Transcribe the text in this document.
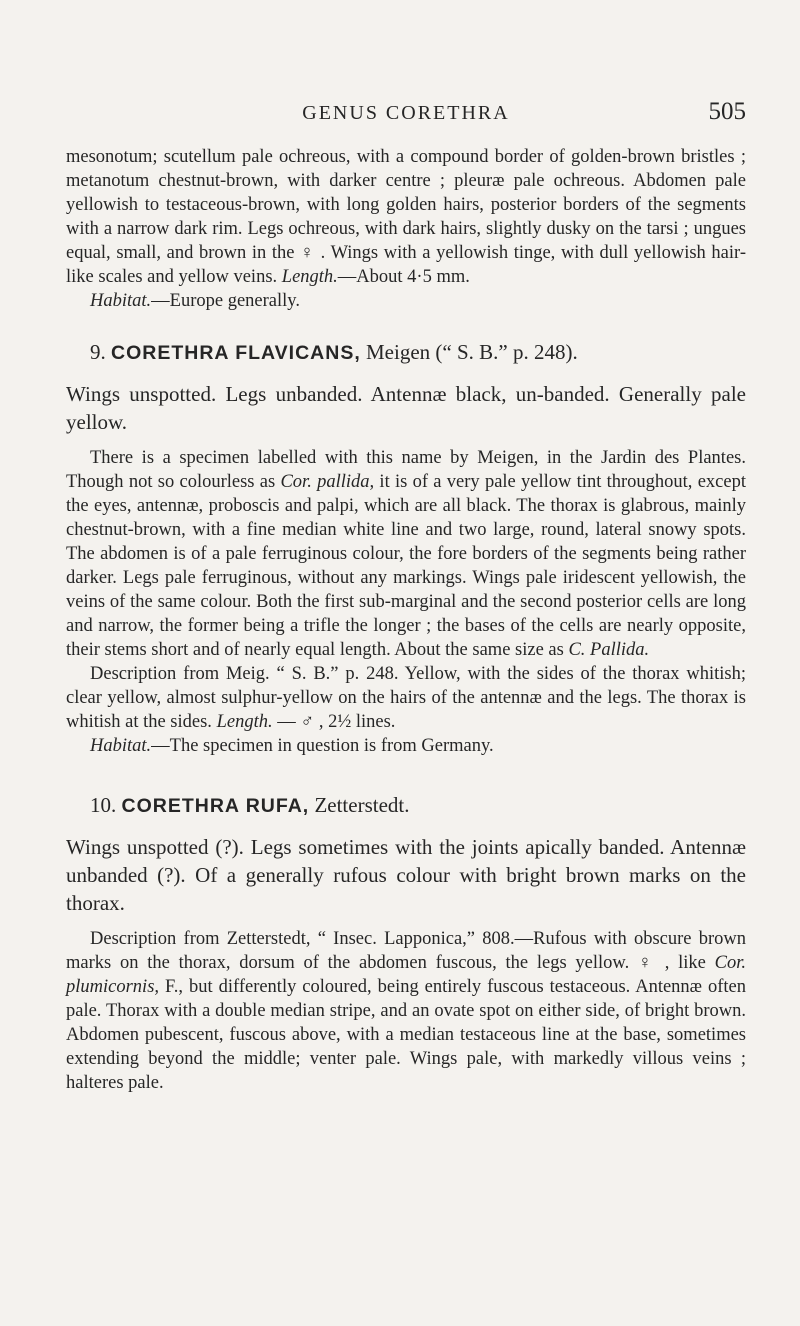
GENUS CORETHRA	505

mesonotum; scutellum pale ochreous, with a compound border of golden-brown bristles ; metanotum chestnut-brown, with darker centre ; pleuræ pale ochreous. Abdomen pale yellowish to testaceous-brown, with long golden hairs, posterior borders of the segments with a narrow dark rim. Legs ochreous, with dark hairs, slightly dusky on the tarsi ; ungues equal, small, and brown in the ♀ . Wings with a yellowish tinge, with dull yellowish hair-like scales and yellow veins. Length.—About 4·5 mm.

Habitat.—Europe generally.

9. CORETHRA FLAVICANS, Meigen (“ S. B.” p. 248).

Wings unspotted. Legs unbanded. Antennæ black, un-banded. Generally pale yellow.

There is a specimen labelled with this name by Meigen, in the Jardin des Plantes. Though not so colourless as Cor. pallida, it is of a very pale yellow tint throughout, except the eyes, antennæ, proboscis and palpi, which are all black. The thorax is glabrous, mainly chestnut-brown, with a fine median white line and two large, round, lateral snowy spots. The abdomen is of a pale ferruginous colour, the fore borders of the segments being rather darker. Legs pale ferruginous, without any markings. Wings pale iridescent yellowish, the veins of the same colour. Both the first sub-marginal and the second posterior cells are long and narrow, the former being a trifle the longer ; the bases of the cells are nearly opposite, their stems short and of nearly equal length. About the same size as C. Pallida.

Description from Meig. “ S. B.” p. 248. Yellow, with the sides of the thorax whitish; clear yellow, almost sulphur-yellow on the hairs of the antennæ and the legs. The thorax is whitish at the sides. Length. — ♂ , 2½ lines.

Habitat.—The specimen in question is from Germany.

10. CORETHRA RUFA, Zetterstedt.

Wings unspotted (?). Legs sometimes with the joints apically banded. Antennæ unbanded (?). Of a generally rufous colour with bright brown marks on the thorax.

Description from Zetterstedt, “ Insec. Lapponica,” 808.—Rufous with obscure brown marks on the thorax, dorsum of the abdomen fuscous, the legs yellow. ♀ , like Cor. plumicornis, F., but differently coloured, being entirely fuscous testaceous. Antennæ often pale. Thorax with a double median stripe, and an ovate spot on either side, of bright brown. Abdomen pubescent, fuscous above, with a median testaceous line at the base, sometimes extending beyond the middle; venter pale. Wings pale, with markedly villous veins ; halteres pale.
